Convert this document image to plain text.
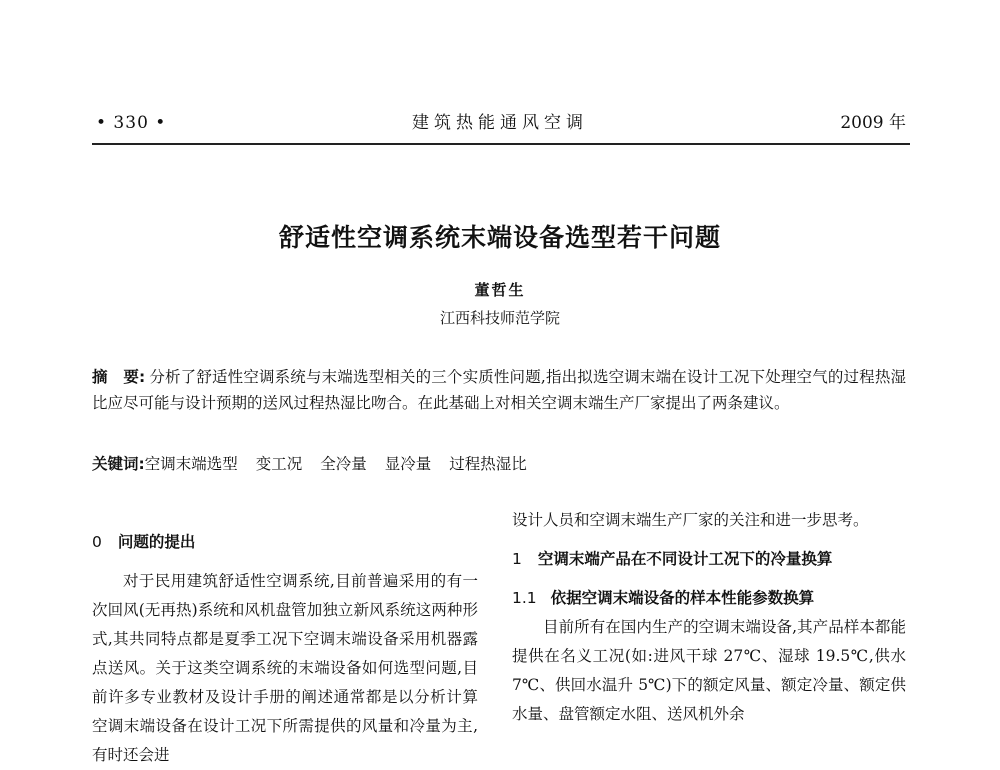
• 330 •	建筑热能通风空调	2009 年
舒适性空调系统末端设备选型若干问题
董哲生
江西科技师范学院
摘　要: 分析了舒适性空调系统与末端选型相关的三个实质性问题,指出拟选空调末端在设计工况下处理空气的过程热湿比应尽可能与设计预期的送风过程热湿比吻合。在此基础上对相关空调末端生产厂家提出了两条建议。
关键词:空调末端选型 变工况 全冷量 显冷量 过程热湿比
0 问题的提出

对于民用建筑舒适性空调系统,目前普遍采用的有一次回风(无再热)系统和风机盘管加独立新风系统这两种形式,其共同特点都是夏季工况下空调末端设备采用机器露点送风。关于这类空调系统的末端设备如何选型问题,目前许多专业教材及设计手册的阐述通常都是以分析计算空调末端设备在设计工况下所需提供的风量和冷量为主,有时还会进

设计人员和空调末端生产厂家的关注和进一步思考。

1 空调末端产品在不同设计工况下的冷量换算

1.1 依据空调末端设备的样本性能参数换算

目前所有在国内生产的空调末端设备,其产品样本都能提供在名义工况(如:进风干球 27℃、湿球 19.5℃,供水 7℃、供回水温升 5℃)下的额定风量、额定冷量、额定供水量、盘管额定水阻、送风机外余
